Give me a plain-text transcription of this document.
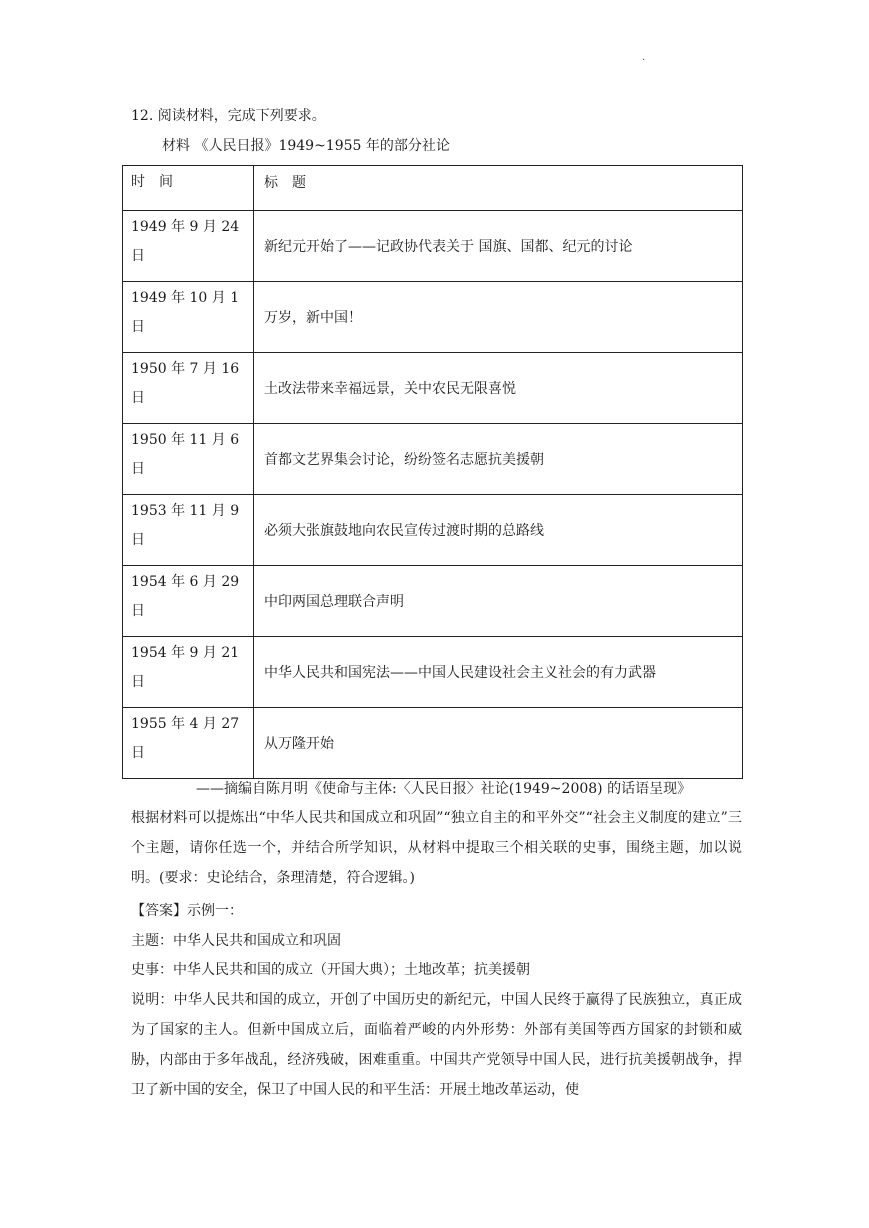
.
12. 阅读材料，完成下列要求。
材料 《人民日报》1949~1955 年的部分社论
时　间	标　题
1949 年 9 月 24 日	新纪元开始了——记政协代表关于 国旗、国都、纪元的讨论
1949 年 10 月 1 日	万岁，新中国！
1950 年 7 月 16 日	土改法带来幸福远景，关中农民无限喜悦
1950 年 11 月 6 日	首都文艺界集会讨论，纷纷签名志愿抗美援朝
1953 年 11 月 9 日	必须大张旗鼓地向农民宣传过渡时期的总路线
1954 年 6 月 29 日	中印两国总理联合声明
1954 年 9 月 21 日	中华人民共和国宪法——中国人民建设社会主义社会的有力武器
1955 年 4 月 27 日	从万隆开始
——摘编自陈月明《使命与主体:〈人民日报〉社论(1949~2008) 的话语呈现》
根据材料可以提炼出“中华人民共和国成立和巩固”“独立自主的和平外交”“社会主义制度的建立”三个主题，请你任选一个，并结合所学知识，从材料中提取三个相关联的史事，围绕主题，加以说明。(要求：史论结合，条理清楚，符合逻辑。)
【答案】示例一：
主题：中华人民共和国成立和巩固
史事：中华人民共和国的成立（开国大典）；土地改革；抗美援朝
说明：中华人民共和国的成立，开创了中国历史的新纪元，中国人民终于赢得了民族独立，真正成为了国家的主人。但新中国成立后，面临着严峻的内外形势：外部有美国等西方国家的封锁和威胁，内部由于多年战乱，经济残破，困难重重。中国共产党领导中国人民，进行抗美援朝战争，捍卫了新中国的安全，保卫了中国人民的和平生活：开展土地改革运动，使
